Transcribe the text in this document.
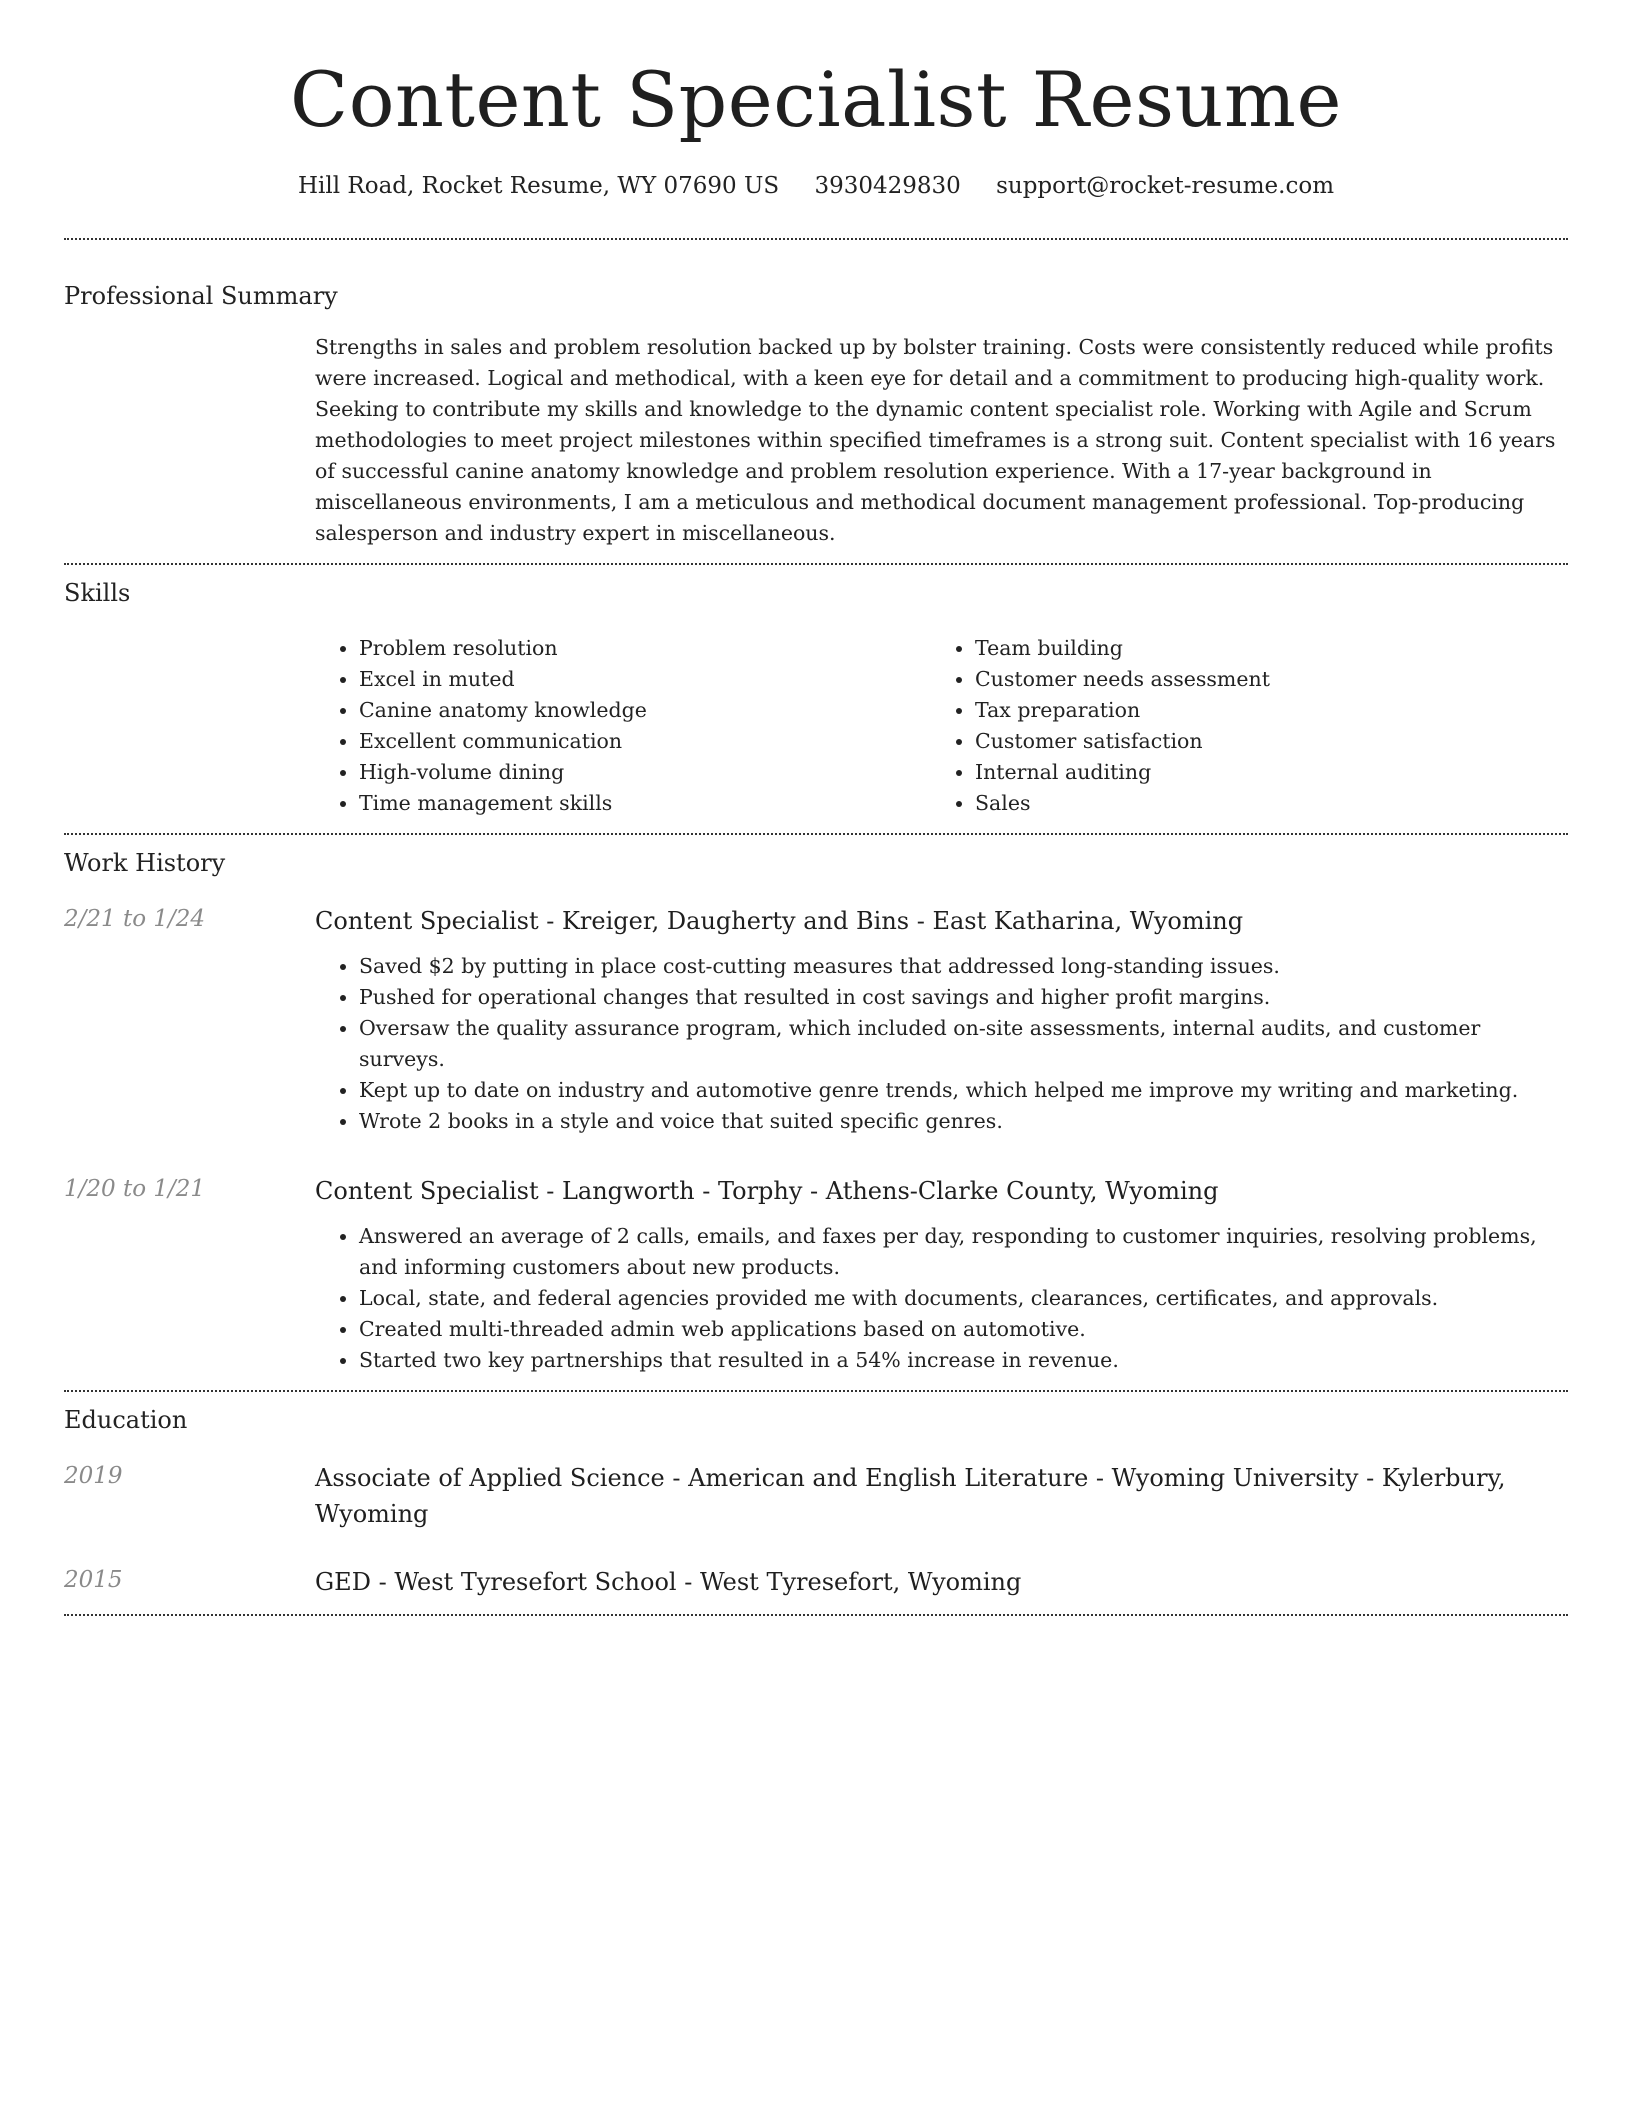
Content Specialist Resume
Hill Road, Rocket Resume, WY 07690 US 3930429830 support@rocket-resume.com
Professional Summary
Strengths in sales and problem resolution backed up by bolster training. Costs were consistently reduced while profits were increased. Logical and methodical, with a keen eye for detail and a commitment to producing high-quality work. Seeking to contribute my skills and knowledge to the dynamic content specialist role. Working with Agile and Scrum methodologies to meet project milestones within specified timeframes is a strong suit. Content specialist with 16 years of successful canine anatomy knowledge and problem resolution experience. With a 17-year background in miscellaneous environments, I am a meticulous and methodical document management professional. Top-producing salesperson and industry expert in miscellaneous.
Skills
• Problem resolution
• Excel in muted
• Canine anatomy knowledge
• Excellent communication
• High-volume dining
• Time management skills
• Team building
• Customer needs assessment
• Tax preparation
• Customer satisfaction
• Internal auditing
• Sales
Work History
2/21 to 1/24	Content Specialist - Kreiger, Daugherty and Bins - East Katharina, Wyoming
• Saved $2 by putting in place cost-cutting measures that addressed long-standing issues.
• Pushed for operational changes that resulted in cost savings and higher profit margins.
• Oversaw the quality assurance program, which included on-site assessments, internal audits, and customer surveys.
• Kept up to date on industry and automotive genre trends, which helped me improve my writing and marketing.
• Wrote 2 books in a style and voice that suited specific genres.
1/20 to 1/21	Content Specialist - Langworth - Torphy - Athens-Clarke County, Wyoming
• Answered an average of 2 calls, emails, and faxes per day, responding to customer inquiries, resolving problems, and informing customers about new products.
• Local, state, and federal agencies provided me with documents, clearances, certificates, and approvals.
• Created multi-threaded admin web applications based on automotive.
• Started two key partnerships that resulted in a 54% increase in revenue.
Education
2019	Associate of Applied Science - American and English Literature - Wyoming University - Kylerbury, Wyoming
2015	GED - West Tyresefort School - West Tyresefort, Wyoming
